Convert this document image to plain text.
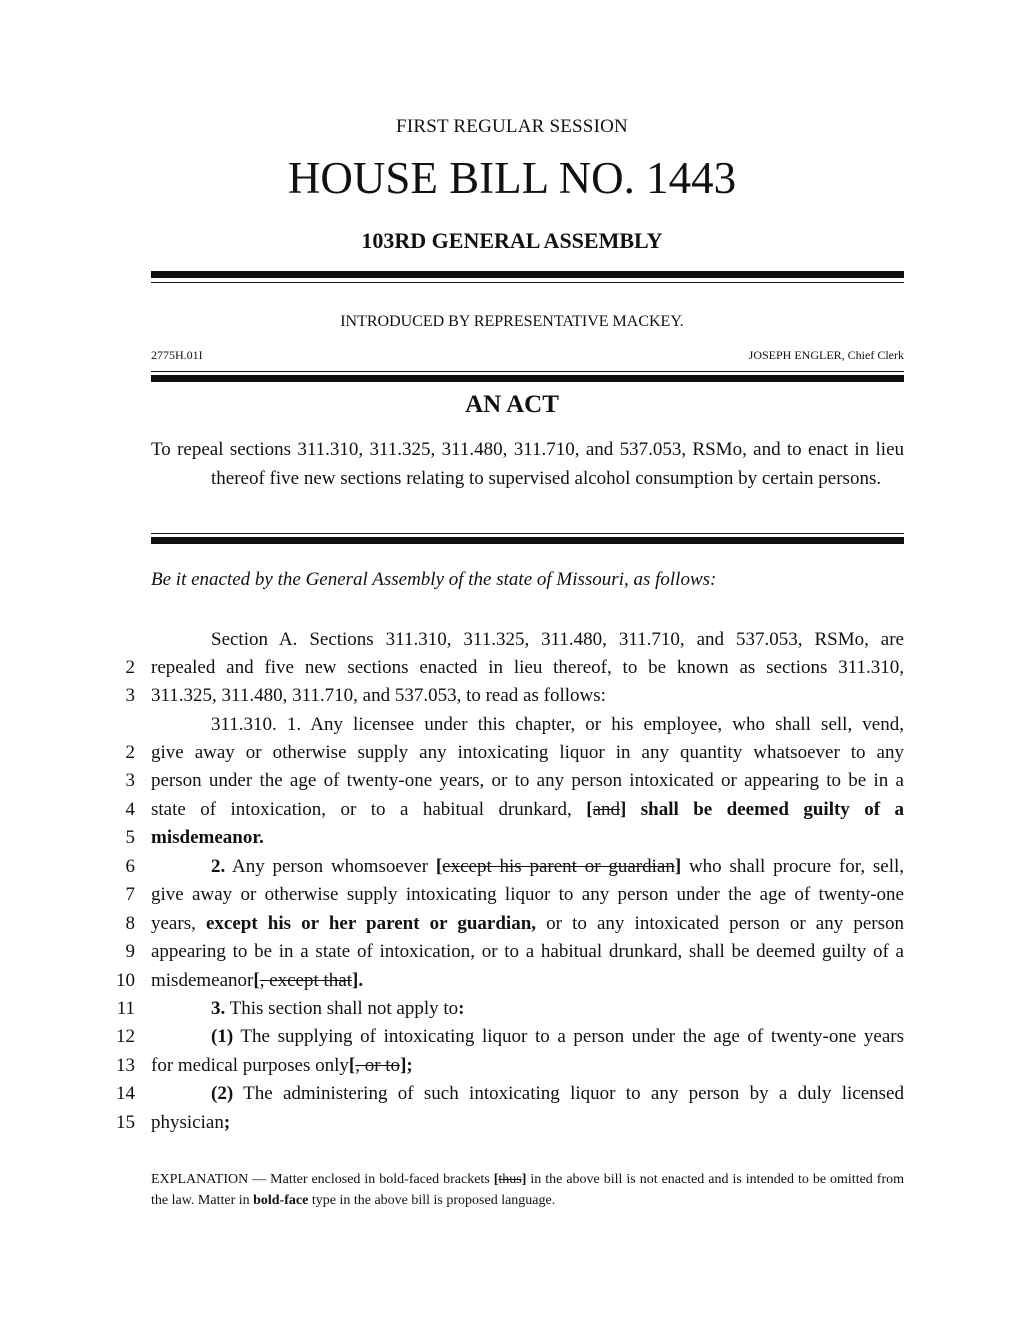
FIRST REGULAR SESSION
HOUSE BILL NO. 1443
103RD GENERAL ASSEMBLY
INTRODUCED BY REPRESENTATIVE MACKEY.
2775H.01I	JOSEPH ENGLER, Chief Clerk
AN ACT
To repeal sections 311.310, 311.325, 311.480, 311.710, and 537.053, RSMo, and to enact in lieu thereof five new sections relating to supervised alcohol consumption by certain persons.
Be it enacted by the General Assembly of the state of Missouri, as follows:
Section A. Sections 311.310, 311.325, 311.480, 311.710, and 537.053, RSMo, are
2 repealed and five new sections enacted in lieu thereof, to be known as sections 311.310,
3 311.325, 311.480, 311.710, and 537.053, to read as follows:
311.310. 1. Any licensee under this chapter, or his employee, who shall sell, vend,
2 give away or otherwise supply any intoxicating liquor in any quantity whatsoever to any
3 person under the age of twenty-one years, or to any person intoxicated or appearing to be in a
4 state of intoxication, or to a habitual drunkard, [and] shall be deemed guilty of a
5 misdemeanor.
6	2. Any person whomsoever [except his parent or guardian] who shall procure for, sell,
7 give away or otherwise supply intoxicating liquor to any person under the age of twenty-one
8 years, except his or her parent or guardian, or to any intoxicated person or any person
9 appearing to be in a state of intoxication, or to a habitual drunkard, shall be deemed guilty of a
10 misdemeanor[, except that].
11	3. This section shall not apply to:
12	(1) The supplying of intoxicating liquor to a person under the age of twenty-one years
13 for medical purposes only[, or to];
14	(2) The administering of such intoxicating liquor to any person by a duly licensed
15 physician;
EXPLANATION — Matter enclosed in bold-faced brackets [thus] in the above bill is not enacted and is intended to be omitted from the law. Matter in bold-face type in the above bill is proposed language.
